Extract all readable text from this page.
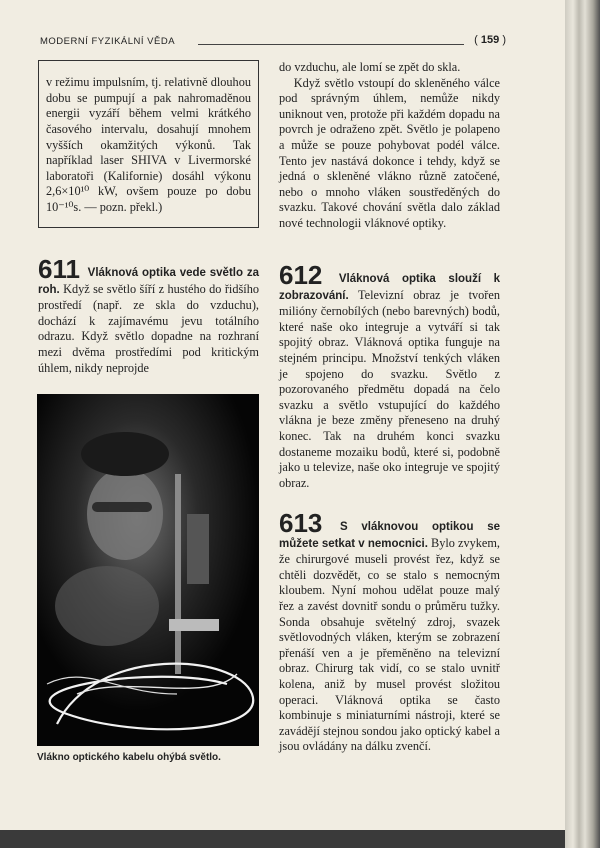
MODERNÍ FYZIKÁLNÍ VĚDA	( 159 )

v režimu impulsním, tj. relativně dlouhou dobu se pumpují a pak nahromaděnou energii vyzáří během velmi krátkého časového intervalu, dosahují mnohem vyšších okamžitých výkonů. Tak například laser SHIVA v Livermorské laboratoři (Kalifornie) dosáhl výkonu 2,6×10¹⁰ kW, ovšem pouze po dobu 10⁻¹⁰s. — pozn. překl.)

611 Vláknová optika vede světlo za roh. Když se světlo šíří z hustého do řidšího prostředí (např. ze skla do vzduchu), dochází k zajímavému jevu totálního odrazu. Když světlo dopadne na rozhraní mezi dvěma prostředími pod kritickým úhlem, nikdy neprojde

Vlákno optického kabelu ohýbá světlo.

do vzduchu, ale lomí se zpět do skla.

Když světlo vstoupí do skleněného válce pod správným úhlem, nemůže nikdy uniknout ven, protože při každém dopadu na povrch je odraženo zpět. Světlo je polapeno a může se pouze pohybovat podél válce. Tento jev nastává dokonce i tehdy, když se jedná o skleněné vlákno různě zatočené, nebo o mnoho vláken soustředěných do svazku. Takové chování světla dalo základ nové technologii vláknové optiky.

612 Vláknová optika slouží k zobrazování. Televizní obraz je tvořen milióny černobílých (nebo barevných) bodů, které naše oko integruje a vytváří si tak spojitý obraz. Vláknová optika funguje na stejném principu. Množství tenkých vláken je spojeno do svazku. Světlo z pozorovaného předmětu dopadá na čelo svazku a světlo vstupující do každého vlákna je beze změny přeneseno na druhý konec. Tak na druhém konci svazku dostaneme mozaiku bodů, které si, podobně jako u televize, naše oko integruje ve spojitý obraz.

613 S vláknovou optikou se můžete setkat v nemocnici. Bylo zvykem, že chirurgové museli provést řez, když se chtěli dozvědět, co se stalo s nemocným kloubem. Nyní mohou udělat pouze malý řez a zavést dovnitř sondu o průměru tužky. Sonda obsahuje světelný zdroj, svazek světlovodných vláken, kterým se zobrazení přenáší ven a je přeměněno na televizní obraz. Chirurg tak vidí, co se stalo uvnitř kolena, aniž by musel provést složitou operaci. Vláknová optika se často kombinuje s miniaturními nástroji, které se zavádějí stejnou sondou jako optický kabel a jsou ovládány na dálku zvenčí.
